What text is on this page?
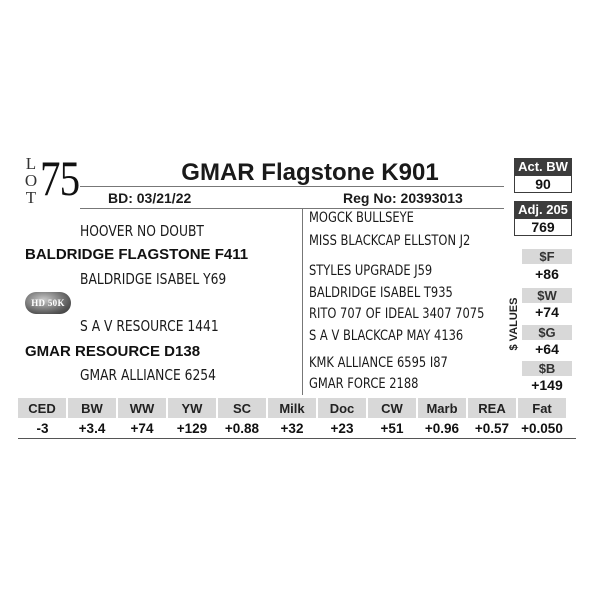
L
O
T 75	GMAR Flagstone K901
BD: 03/21/22	Reg No: 20393013
HOOVER NO DOUBT
BALDRIDGE FLAGSTONE F411
BALDRIDGE ISABEL Y69
HD 50K
S A V RESOURCE 1441
GMAR RESOURCE D138
GMAR ALLIANCE 6254
MOGCK BULLSEYE
MISS BLACKCAP ELLSTON J2
STYLES UPGRADE J59
BALDRIDGE ISABEL T935
RITO 707 OF IDEAL 3407 7075
S A V BLACKCAP MAY 4136
KMK ALLIANCE 6595 I87
GMAR FORCE 2188
Act. BW
90
Adj. 205
769
$ VALUES
$F
+86
$W
+74
$G
+64
$B
+149
CED	BW	WW	YW	SC	Milk	Doc	CW	Marb	REA	Fat
-3	+3.4	+74	+129	+0.88	+32	+23	+51	+0.96	+0.57	+0.050
